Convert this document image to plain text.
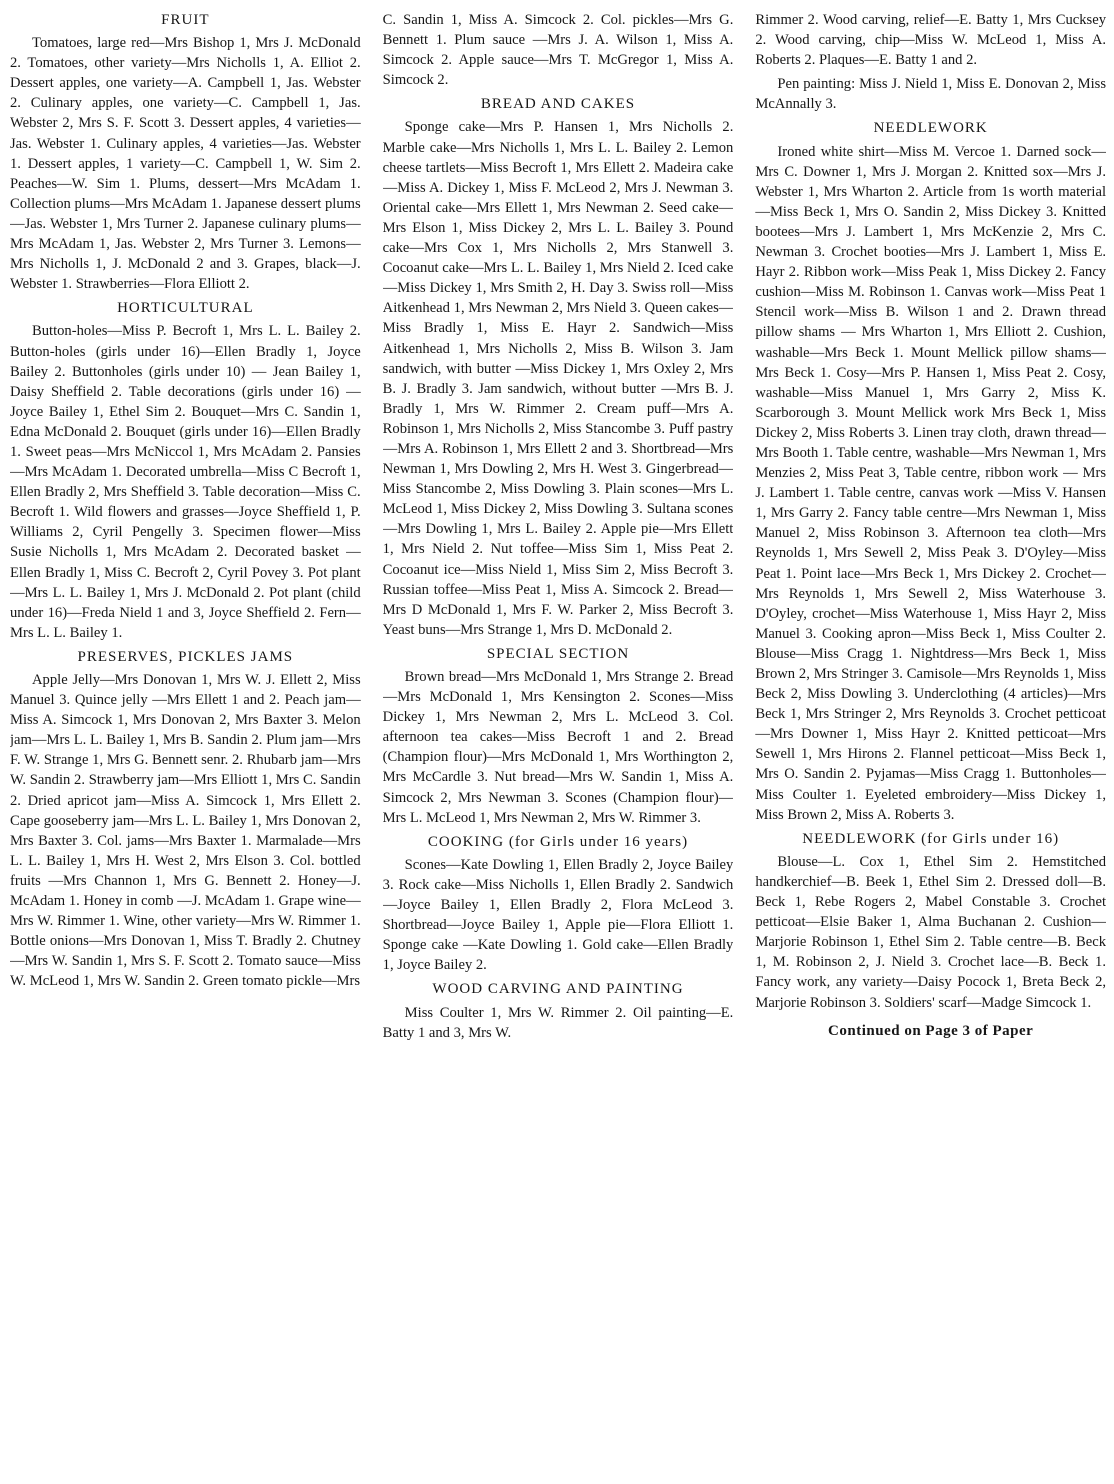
FRUIT

Tomatoes, large red—Mrs Bishop 1, Mrs J. McDonald 2. Tomatoes, other variety—Mrs Nicholls 1, A. Elliot 2. Dessert apples, one variety—A. Campbell 1, Jas. Webster 2. Culinary apples, one variety—C. Campbell 1, Jas. Webster 2, Mrs S. F. Scott 3. Dessert apples, 4 varieties—Jas. Webster 1. Culinary apples, 4 varieties—Jas. Webster 1. Dessert apples, 1 variety—C. Campbell 1, W. Sim 2. Peaches—W. Sim 1. Plums, dessert—Mrs McAdam 1. Collection plums—Mrs McAdam 1. Japanese dessert plums—Jas. Webster 1, Mrs Turner 2. Japanese culinary plums—Mrs McAdam 1, Jas. Webster 2, Mrs Turner 3. Lemons—Mrs Nicholls 1, J. McDonald 2 and 3. Grapes, black—J. Webster 1. Strawberries—Flora Elliott 2.

HORTICULTURAL

Button-holes—Miss P. Becroft 1, Mrs L. L. Bailey 2. Button-holes (girls under 16)—Ellen Bradly 1, Joyce Bailey 2. Buttonholes (girls under 10) — Jean Bailey 1, Daisy Sheffield 2. Table decorations (girls under 16) — Joyce Bailey 1, Ethel Sim 2. Bouquet—Mrs C. Sandin 1, Edna McDonald 2. Bouquet (girls under 16)—Ellen Bradly 1. Sweet peas—Mrs McNiccol 1, Mrs McAdam 2. Pansies—Mrs McAdam 1. Decorated umbrella—Miss C Becroft 1, Ellen Bradly 2, Mrs Sheffield 3. Table decoration—Miss C. Becroft 1. Wild flowers and grasses—Joyce Sheffield 1, P. Williams 2, Cyril Pengelly 3. Specimen flower—Miss Susie Nicholls 1, Mrs McAdam 2. Decorated basket — Ellen Bradly 1, Miss C. Becroft 2, Cyril Povey 3. Pot plant—Mrs L. L. Bailey 1, Mrs J. McDonald 2. Pot plant (child under 16)—Freda Nield 1 and 3, Joyce Sheffield 2. Fern—Mrs L. L. Bailey 1.

PRESERVES, PICKLES JAMS

Apple Jelly—Mrs Donovan 1, Mrs W. J. Ellett 2, Miss Manuel 3. Quince jelly —Mrs Ellett 1 and 2. Peach jam—Miss A. Simcock 1, Mrs Donovan 2, Mrs Baxter 3. Melon jam—Mrs L. L. Bailey 1, Mrs B. Sandin 2. Plum jam—Mrs F. W. Strange 1, Mrs G. Bennett senr. 2. Rhubarb jam—Mrs W. Sandin 2. Strawberry jam—Mrs Elliott 1, Mrs C. Sandin 2. Dried apricot jam—Miss A. Simcock 1, Mrs Ellett 2. Cape gooseberry jam—Mrs L. L. Bailey 1, Mrs Donovan 2, Mrs Baxter 3. Col. jams—Mrs Baxter 1. Marmalade—Mrs L. L. Bailey 1, Mrs H. West 2, Mrs Elson 3. Col. bottled fruits —Mrs Channon 1, Mrs G. Bennett 2. Honey—J. McAdam 1. Honey in comb —J. McAdam 1. Grape wine—Mrs W. Rimmer 1. Wine, other variety—Mrs W. Rimmer 1. Bottle onions—Mrs Donovan 1, Miss T. Bradly 2. Chutney—Mrs W. Sandin 1, Mrs S. F. Scott 2. Tomato sauce—Miss W. McLeod 1, Mrs W. Sandin 2. Green tomato pickle—Mrs

C. Sandin 1, Miss A. Simcock 2. Col. pickles—Mrs G. Bennett 1. Plum sauce —Mrs J. A. Wilson 1, Miss A. Simcock 2. Apple sauce—Mrs T. McGregor 1, Miss A. Simcock 2.

BREAD AND CAKES

Sponge cake—Mrs P. Hansen 1, Mrs Nicholls 2. Marble cake—Mrs Nicholls 1, Mrs L. L. Bailey 2. Lemon cheese tartlets—Miss Becroft 1, Mrs Ellett 2. Madeira cake—Miss A. Dickey 1, Miss F. McLeod 2, Mrs J. Newman 3. Oriental cake—Mrs Ellett 1, Mrs Newman 2. Seed cake—Mrs Elson 1, Miss Dickey 2, Mrs L. L. Bailey 3. Pound cake—Mrs Cox 1, Mrs Nicholls 2, Mrs Stanwell 3. Cocoanut cake—Mrs L. L. Bailey 1, Mrs Nield 2. Iced cake—Miss Dickey 1, Mrs Smith 2, H. Day 3. Swiss roll—Miss Aitkenhead 1, Mrs Newman 2, Mrs Nield 3. Queen cakes—Miss Bradly 1, Miss E. Hayr 2. Sandwich—Miss Aitkenhead 1, Mrs Nicholls 2, Miss B. Wilson 3. Jam sandwich, with butter —Miss Dickey 1, Mrs Oxley 2, Mrs B. J. Bradly 3. Jam sandwich, without butter —Mrs B. J. Bradly 1, Mrs W. Rimmer 2. Cream puff—Mrs A. Robinson 1, Mrs Nicholls 2, Miss Stancombe 3. Puff pastry—Mrs A. Robinson 1, Mrs Ellett 2 and 3. Shortbread—Mrs Newman 1, Mrs Dowling 2, Mrs H. West 3. Gingerbread—Miss Stancombe 2, Miss Dowling 3. Plain scones—Mrs L. McLeod 1, Miss Dickey 2, Miss Dowling 3. Sultana scones—Mrs Dowling 1, Mrs L. Bailey 2. Apple pie—Mrs Ellett 1, Mrs Nield 2. Nut toffee—Miss Sim 1, Miss Peat 2. Cocoanut ice—Miss Nield 1, Miss Sim 2, Miss Becroft 3. Russian toffee—Miss Peat 1, Miss A. Simcock 2. Bread—Mrs D McDonald 1, Mrs F. W. Parker 2, Miss Becroft 3. Yeast buns—Mrs Strange 1, Mrs D. McDonald 2.

SPECIAL SECTION

Brown bread—Mrs McDonald 1, Mrs Strange 2. Bread—Mrs McDonald 1, Mrs Kensington 2. Scones—Miss Dickey 1, Mrs Newman 2, Mrs L. McLeod 3. Col. afternoon tea cakes—Miss Becroft 1 and 2. Bread (Champion flour)—Mrs McDonald 1, Mrs Worthington 2, Mrs McCardle 3. Nut bread—Mrs W. Sandin 1, Miss A. Simcock 2, Mrs Newman 3. Scones (Champion flour)—Mrs L. McLeod 1, Mrs Newman 2, Mrs W. Rimmer 3.

COOKING (for Girls under 16 years)

Scones—Kate Dowling 1, Ellen Bradly 2, Joyce Bailey 3. Rock cake—Miss Nicholls 1, Ellen Bradly 2. Sandwich—Joyce Bailey 1, Ellen Bradly 2, Flora McLeod 3. Shortbread—Joyce Bailey 1, Apple pie—Flora Elliott 1. Sponge cake —Kate Dowling 1. Gold cake—Ellen Bradly 1, Joyce Bailey 2.

WOOD CARVING AND PAINTING

Miss Coulter 1, Mrs W. Rimmer 2. Oil painting—E. Batty 1 and 3, Mrs W.

Rimmer 2. Wood carving, relief—E. Batty 1, Mrs Cucksey 2. Wood carving, chip—Miss W. McLeod 1, Miss A. Roberts 2. Plaques—E. Batty 1 and 2.

Pen painting: Miss J. Nield 1, Miss E. Donovan 2, Miss McAnnally 3.

NEEDLEWORK

Ironed white shirt—Miss M. Vercoe 1. Darned sock—Mrs C. Downer 1, Mrs J. Morgan 2. Knitted sox—Mrs J. Webster 1, Mrs Wharton 2. Article from 1s worth material—Miss Beck 1, Mrs O. Sandin 2, Miss Dickey 3. Knitted bootees—Mrs J. Lambert 1, Mrs McKenzie 2, Mrs C. Newman 3. Crochet booties—Mrs J. Lambert 1, Miss E. Hayr 2. Ribbon work—Miss Peak 1, Miss Dickey 2. Fancy cushion—Miss M. Robinson 1. Canvas work—Miss Peat 1 Stencil work—Miss B. Wilson 1 and 2. Drawn thread pillow shams — Mrs Wharton 1, Mrs Elliott 2. Cushion, washable—Mrs Beck 1. Mount Mellick pillow shams—Mrs Beck 1. Cosy—Mrs P. Hansen 1, Miss Peat 2. Cosy, washable—Miss Manuel 1, Mrs Garry 2, Miss K. Scarborough 3. Mount Mellick work Mrs Beck 1, Miss Dickey 2, Miss Roberts 3. Linen tray cloth, drawn thread—Mrs Booth 1. Table centre, washable—Mrs Newman 1, Mrs Menzies 2, Miss Peat 3, Table centre, ribbon work — Mrs J. Lambert 1. Table centre, canvas work —Miss V. Hansen 1, Mrs Garry 2. Fancy table centre—Mrs Newman 1, Miss Manuel 2, Miss Robinson 3. Afternoon tea cloth—Mrs Reynolds 1, Mrs Sewell 2, Miss Peak 3. D'Oyley—Miss Peat 1. Point lace—Mrs Beck 1, Mrs Dickey 2. Crochet—Mrs Reynolds 1, Mrs Sewell 2, Miss Waterhouse 3. D'Oyley, crochet—Miss Waterhouse 1, Miss Hayr 2, Miss Manuel 3. Cooking apron—Miss Beck 1, Miss Coulter 2. Blouse—Miss Cragg 1. Nightdress—Mrs Beck 1, Miss Brown 2, Mrs Stringer 3. Camisole—Mrs Reynolds 1, Miss Beck 2, Miss Dowling 3. Underclothing (4 articles)—Mrs Beck 1, Mrs Stringer 2, Mrs Reynolds 3. Crochet petticoat—Mrs Downer 1, Miss Hayr 2. Knitted petticoat—Mrs Sewell 1, Mrs Hirons 2. Flannel petticoat—Miss Beck 1, Mrs O. Sandin 2. Pyjamas—Miss Cragg 1. Buttonholes—Miss Coulter 1. Eyeleted embroidery—Miss Dickey 1, Miss Brown 2, Miss A. Roberts 3.

NEEDLEWORK (for Girls under 16)

Blouse—L. Cox 1, Ethel Sim 2. Hemstitched handkerchief—B. Beek 1, Ethel Sim 2. Dressed doll—B. Beck 1, Rebe Rogers 2, Mabel Constable 3. Crochet petticoat—Elsie Baker 1, Alma Buchanan 2. Cushion—Marjorie Robinson 1, Ethel Sim 2. Table centre—B. Beck 1, M. Robinson 2, J. Nield 3. Crochet lace—B. Beck 1. Fancy work, any variety—Daisy Pocock 1, Breta Beck 2, Marjorie Robinson 3. Soldiers' scarf—Madge Simcock 1.

Continued on Page 3 of Paper
